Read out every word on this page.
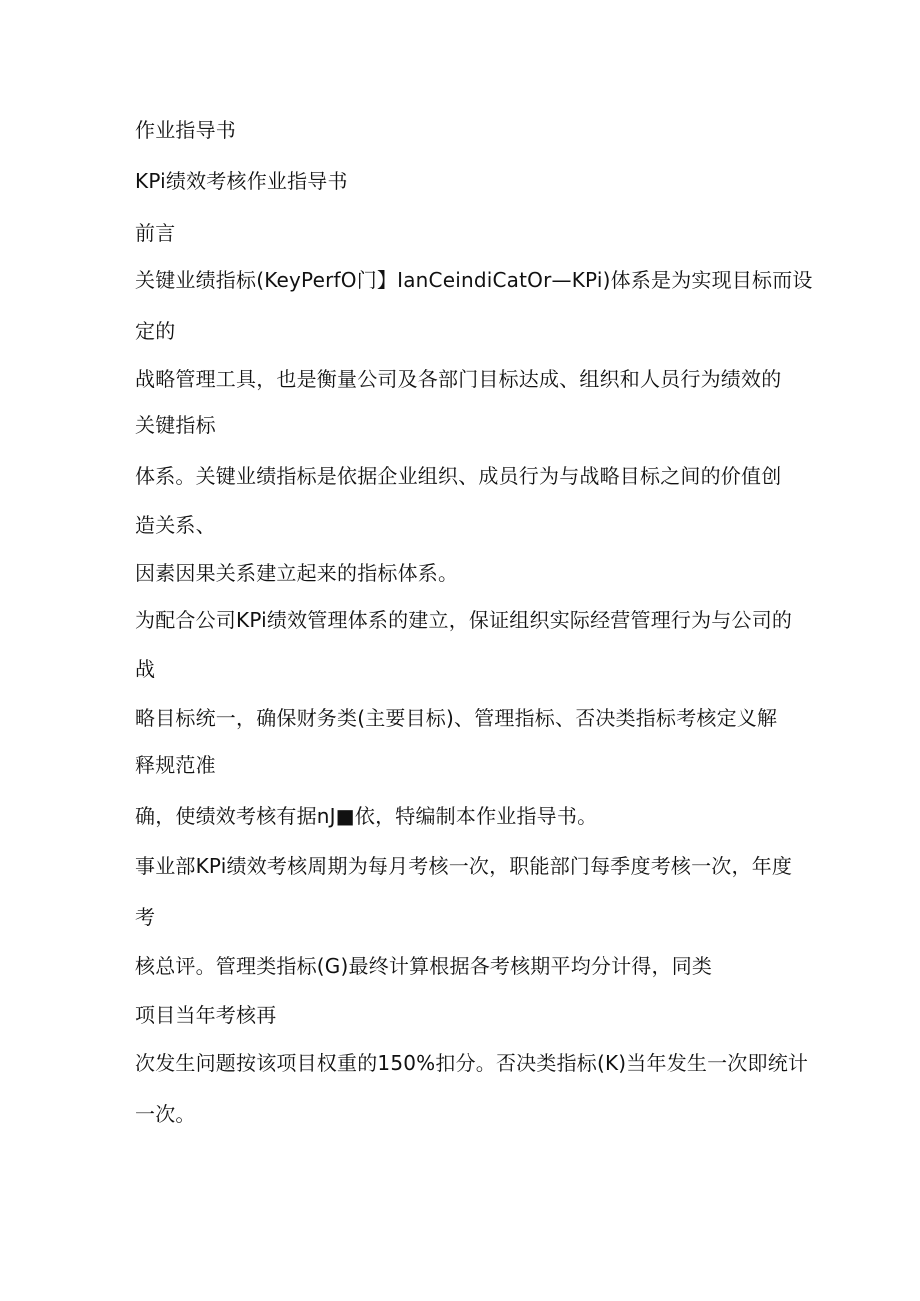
作业指导书

KPi绩效考核作业指导书

前言

关键业绩指标(KeyPerfO门】IanCeindiCatOr—KPi)体系是为实现目标而设

定的

战略管理工具，也是衡量公司及各部门目标达成、组织和人员行为绩效的

关键指标

体系。关键业绩指标是依据企业组织、成员行为与战略目标之间的价值创

造关系、

因素因果关系建立起来的指标体系。

为配合公司KPi绩效管理体系的建立，保证组织实际经营管理行为与公司的

战

略目标统一，确保财务类(主要目标)、管理指标、否决类指标考核定义解

释规范准

确，使绩效考核有据nJ■依，特编制本作业指导书。

事业部KPi绩效考核周期为每月考核一次，职能部门每季度考核一次，年度

考

核总评。管理类指标(G)最终计算根据各考核期平均分计得，同类

项目当年考核再

次发生问题按该项目权重的150%扣分。否决类指标(K)当年发生一次即统计

一次。
